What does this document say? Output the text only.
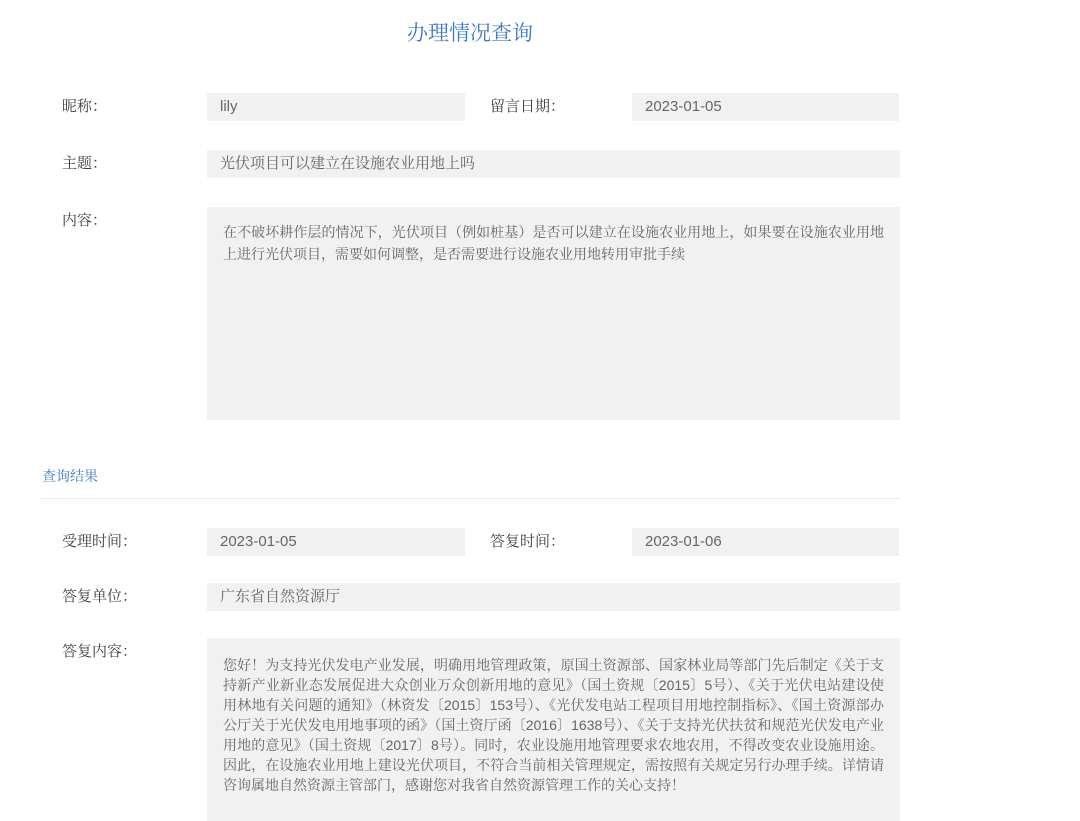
办理情况查询
昵称：	lily	留言日期：	2023-01-05
主题：	光伏项目可以建立在设施农业用地上吗
内容：
在不破坏耕作层的情况下，光伏项目（例如桩基）是否可以建立在设施农业用地上，如果要在设施农业用地上进行光伏项目，需要如何调整，是否需要进行设施农业用地转用审批手续
查询结果
受理时间：	2023-01-05	答复时间：	2023-01-06
答复单位：	广东省自然资源厅
答复内容：
您好！为支持光伏发电产业发展，明确用地管理政策，原国土资源部、国家林业局等部门先后制定《关于支持新产业新业态发展促进大众创业万众创新用地的意见》（国土资规〔2015〕5号）、《关于光伏电站建设使用林地有关问题的通知》（林资发〔2015〕153号）、《光伏发电站工程项目用地控制指标》、《国土资源部办公厅关于光伏发电用地事项的函》（国土资厅函〔2016〕1638号）、《关于支持光伏扶贫和规范光伏发电产业用地的意见》（国土资规〔2017〕8号）。同时，农业设施用地管理要求农地农用，不得改变农业设施用途。因此，在设施农业用地上建设光伏项目，不符合当前相关管理规定，需按照有关规定另行办理手续。详情请咨询属地自然资源主管部门，感谢您对我省自然资源管理工作的关心支持！
